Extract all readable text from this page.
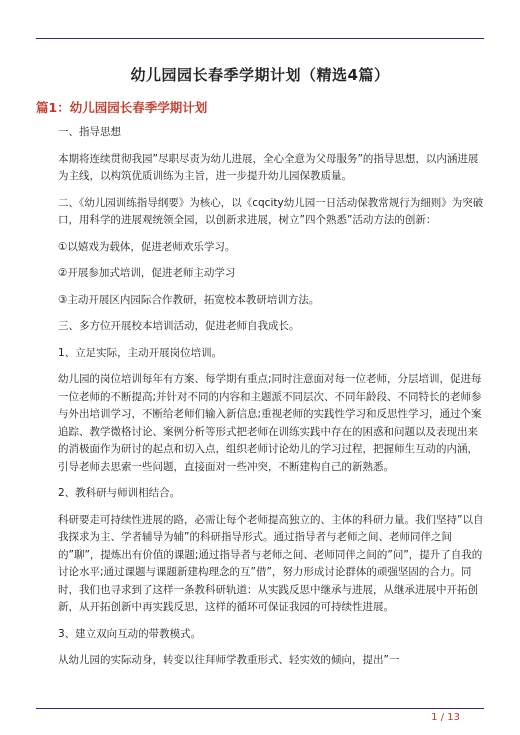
幼儿园园长春季学期计划（精选4篇）
篇1：幼儿园园长春季学期计划

一、指导思想

本期将连续贯彻我园”尽职尽责为幼儿进展，全心全意为父母服务”的指导思想，以内涵进展为主线，以构筑优质训练为主旨，进一步提升幼儿园保教质量。

二、《幼儿园训练指导纲要》为核心，以《cqcity幼儿园一日活动保教常规行为细则》为突破口，用科学的进展观统领全园，以创新求进展，树立”四个熟悉”活动方法的创新：

①以嬉戏为载体，促进老师欢乐学习。

②开展参加式培训，促进老师主动学习

③主动开展区内园际合作教研，拓宽校本教研培训方法。

三、多方位开展校本培训活动，促进老师自我成长。

1、立足实际，主动开展岗位培训。

幼儿园的岗位培训每年有方案、每学期有重点;同时注意面对每一位老师，分层培训，促进每一位老师的不断提高;并针对不同的内容和主题派不同层次、不同年龄段、不同特长的老师参与外出培训学习，不断给老师们输入新信息;重视老师的实践性学习和反思性学习，通过个案追踪、教学微格讨论、案例分析等形式把老师在训练实践中存在的困惑和问题以及表现出来的消极面作为研讨的起点和切入点，组织老师讨论幼儿的学习过程，把握师生互动的内涵，引导老师去思索一些问题，直接面对一些冲突，不断建构自己的新熟悉。

2、教科研与师训相结合。

科研要走可持续性进展的路，必需让每个老师提高独立的、主体的科研力量。我们坚持”以自我探求为主、学者辅导为辅”的科研指导形式。通过指导者与老师之间、老师同伴之间的”聊”，提炼出有价值的课题;通过指导者与老师之间、老师同伴之间的”问”，提升了自我的讨论水平;通过课题与课题新建构理念的互”借”，努力形成讨论群体的顽强坚固的合力。同时，我们也寻求到了这样一条教科研轨道：从实践反思中继承与进展，从继承进展中开拓创新，从开拓创新中再实践反思，这样的循环可保证我园的可持续性进展。

3、建立双向互动的带教模式。

从幼儿园的实际动身，转变以往拜师学教重形式、轻实效的倾向，提出”一

1 / 13
